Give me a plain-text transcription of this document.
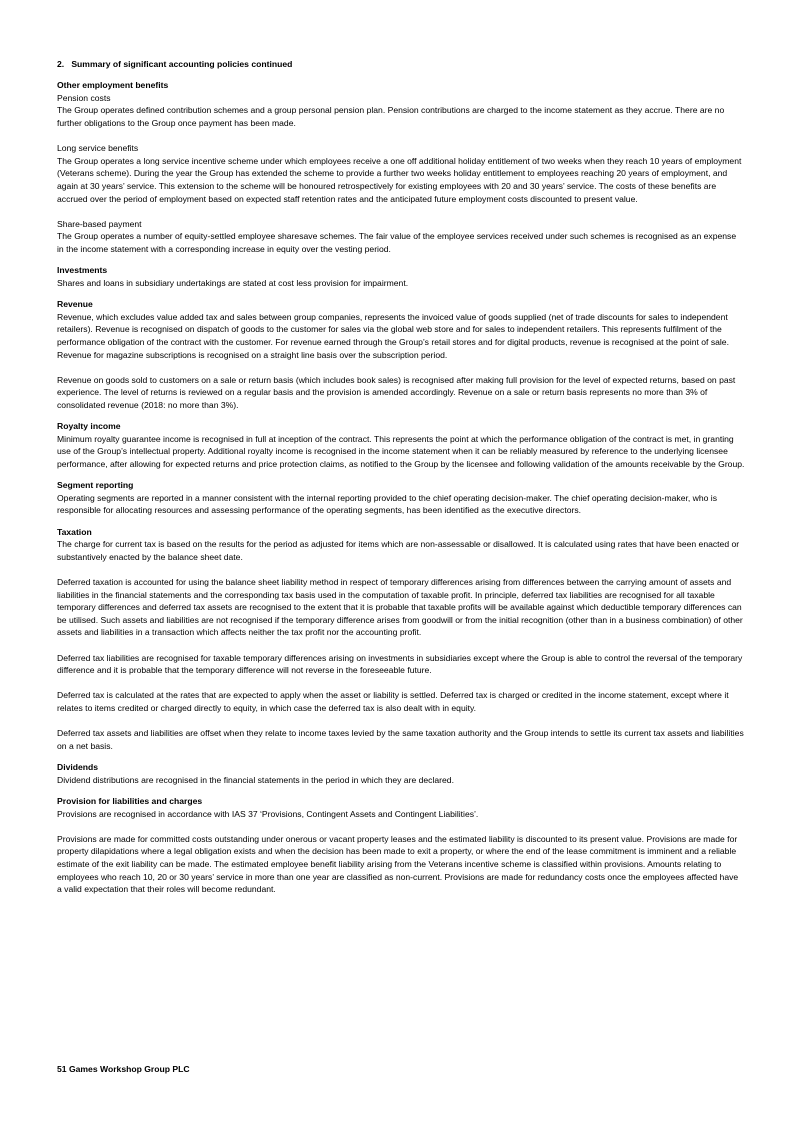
2.   Summary of significant accounting policies continued

Other employment benefits

Pension costs

The Group operates defined contribution schemes and a group personal pension plan. Pension contributions are charged to the income statement as they accrue. There are no further obligations to the Group once payment has been made.

Long service benefits

The Group operates a long service incentive scheme under which employees receive a one off additional holiday entitlement of two weeks when they reach 10 years of employment (Veterans scheme). During the year the Group has extended the scheme to provide a further two weeks holiday entitlement to employees reaching 20 years of employment, and again at 30 years’ service. This extension to the scheme will be honoured retrospectively for existing employees with 20 and 30 years’ service. The costs of these benefits are accrued over the period of employment based on expected staff retention rates and the anticipated future employment costs discounted to present value.

Share-based payment

The Group operates a number of equity-settled employee sharesave schemes. The fair value of the employee services received under such schemes is recognised as an expense in the income statement with a corresponding increase in equity over the vesting period.

Investments

Shares and loans in subsidiary undertakings are stated at cost less provision for impairment.

Revenue

Revenue, which excludes value added tax and sales between group companies, represents the invoiced value of goods supplied (net of trade discounts for sales to independent retailers). Revenue is recognised on dispatch of goods to the customer for sales via the global web store and for sales to independent retailers. This represents fulfilment of the performance obligation of the contract with the customer. For revenue earned through the Group’s retail stores and for digital products, revenue is recognised at the point of sale. Revenue for magazine subscriptions is recognised on a straight line basis over the subscription period.

Revenue on goods sold to customers on a sale or return basis (which includes book sales) is recognised after making full provision for the level of expected returns, based on past experience. The level of returns is reviewed on a regular basis and the provision is amended accordingly. Revenue on a sale or return basis represents no more than 3% of consolidated revenue (2018: no more than 3%).

Royalty income

Minimum royalty guarantee income is recognised in full at inception of the contract. This represents the point at which the performance obligation of the contract is met, in granting use of the Group’s intellectual property. Additional royalty income is recognised in the income statement when it can be reliably measured by reference to the underlying licensee performance, after allowing for expected returns and price protection claims, as notified to the Group by the licensee and following validation of the amounts receivable by the Group.

Segment reporting

Operating segments are reported in a manner consistent with the internal reporting provided to the chief operating decision-maker. The chief operating decision-maker, who is responsible for allocating resources and assessing performance of the operating segments, has been identified as the executive directors.

Taxation

The charge for current tax is based on the results for the period as adjusted for items which are non-assessable or disallowed. It is calculated using rates that have been enacted or substantively enacted by the balance sheet date.

Deferred taxation is accounted for using the balance sheet liability method in respect of temporary differences arising from differences between the carrying amount of assets and liabilities in the financial statements and the corresponding tax basis used in the computation of taxable profit. In principle, deferred tax liabilities are recognised for all taxable temporary differences and deferred tax assets are recognised to the extent that it is probable that taxable profits will be available against which deductible temporary differences can be utilised. Such assets and liabilities are not recognised if the temporary difference arises from goodwill or from the initial recognition (other than in a business combination) of other assets and liabilities in a transaction which affects neither the tax profit nor the accounting profit.

Deferred tax liabilities are recognised for taxable temporary differences arising on investments in subsidiaries except where the Group is able to control the reversal of the temporary difference and it is probable that the temporary difference will not reverse in the foreseeable future.

Deferred tax is calculated at the rates that are expected to apply when the asset or liability is settled. Deferred tax is charged or credited in the income statement, except where it relates to items credited or charged directly to equity, in which case the deferred tax is also dealt with in equity.

Deferred tax assets and liabilities are offset when they relate to income taxes levied by the same taxation authority and the Group intends to settle its current tax assets and liabilities on a net basis.

Dividends

Dividend distributions are recognised in the financial statements in the period in which they are declared.

Provision for liabilities and charges

Provisions are recognised in accordance with IAS 37 ‘Provisions, Contingent Assets and Contingent Liabilities’.

Provisions are made for committed costs outstanding under onerous or vacant property leases and the estimated liability is discounted to its present value. Provisions are made for property dilapidations where a legal obligation exists and when the decision has been made to exit a property, or where the end of the lease commitment is imminent and a reliable estimate of the exit liability can be made. The estimated employee benefit liability arising from the Veterans incentive scheme is classified within provisions. Amounts relating to employees who reach 10, 20 or 30 years’ service in more than one year are classified as non-current. Provisions are made for redundancy costs once the employees affected have a valid expectation that their roles will become redundant.

51 Games Workshop Group PLC
